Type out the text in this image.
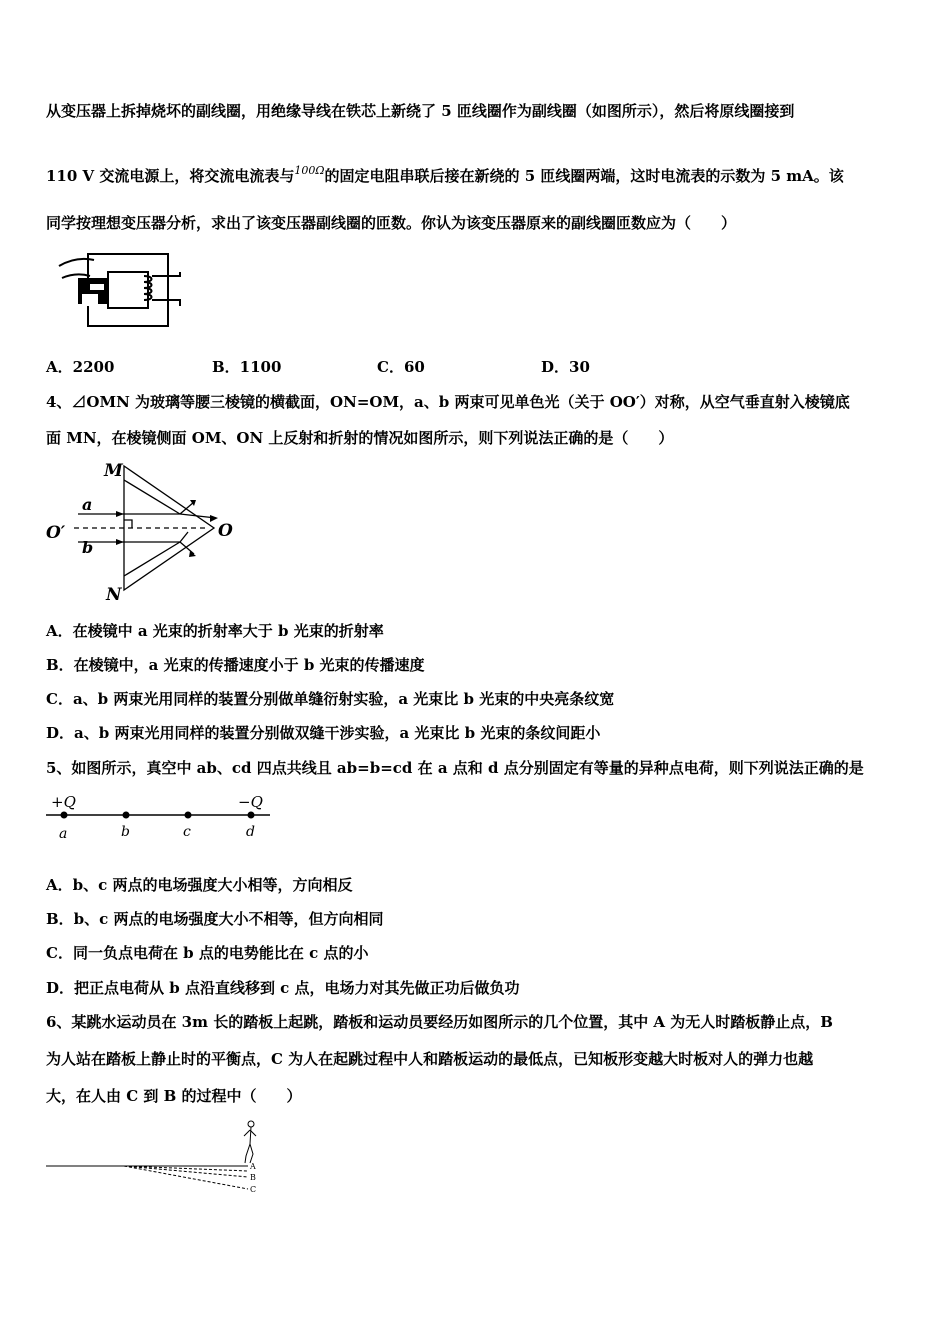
从变压器上拆掉烧坏的副线圈，用绝缘导线在铁芯上新绕了 5 匝线圈作为副线圈（如图所示），然后将原线圈接到
110 V 交流电源上，将交流电流表与$^{100\Omega}$的固定电阻串联后接在新绕的 5 匝线圈两端，这时电流表的示数为 5 mA。该
同学按理想变压器分析，求出了该变压器副线圈的匝数。你认为该变压器原来的副线圈匝数应为（　　）
A．2200	B．1100	C．60	D．30
4、⊿OMN 为玻璃等腰三棱镜的横截面，ON=OM，a、b 两束可见单色光（关于 OO′）对称，从空气垂直射入棱镜底
面 MN，在棱镜侧面 OM、ON 上反射和折射的情况如图所示，则下列说法正确的是（　　）
M
N
O
O′
a
b
A．在棱镜中 a 光束的折射率大于 b 光束的折射率
B．在棱镜中，a 光束的传播速度小于 b 光束的传播速度
C．a、b 两束光用同样的装置分别做单缝衍射实验，a 光束比 b 光束的中央亮条纹宽
D．a、b 两束光用同样的装置分别做双缝干涉实验，a 光束比 b 光束的条纹间距小
5、如图所示，真空中 ab、cd 四点共线且 ab=b=cd 在 a 点和 d 点分别固定有等量的异种点电荷，则下列说法正确的是
+Q	−Q
a	b	c	d
A．b、c 两点的电场强度大小相等，方向相反
B．b、c 两点的电场强度大小不相等，但方向相同
C．同一负点电荷在 b 点的电势能比在 c 点的小
D．把正点电荷从 b 点沿直线移到 c 点，电场力对其先做正功后做负功
6、某跳水运动员在 3m 长的踏板上起跳，踏板和运动员要经历如图所示的几个位置，其中 A 为无人时踏板静止点，B
为人站在踏板上静止时的平衡点，C 为人在起跳过程中人和踏板运动的最低点，已知板形变越大时板对人的弹力也越
大，在人由 C 到 B 的过程中（　　）
A
B
C
